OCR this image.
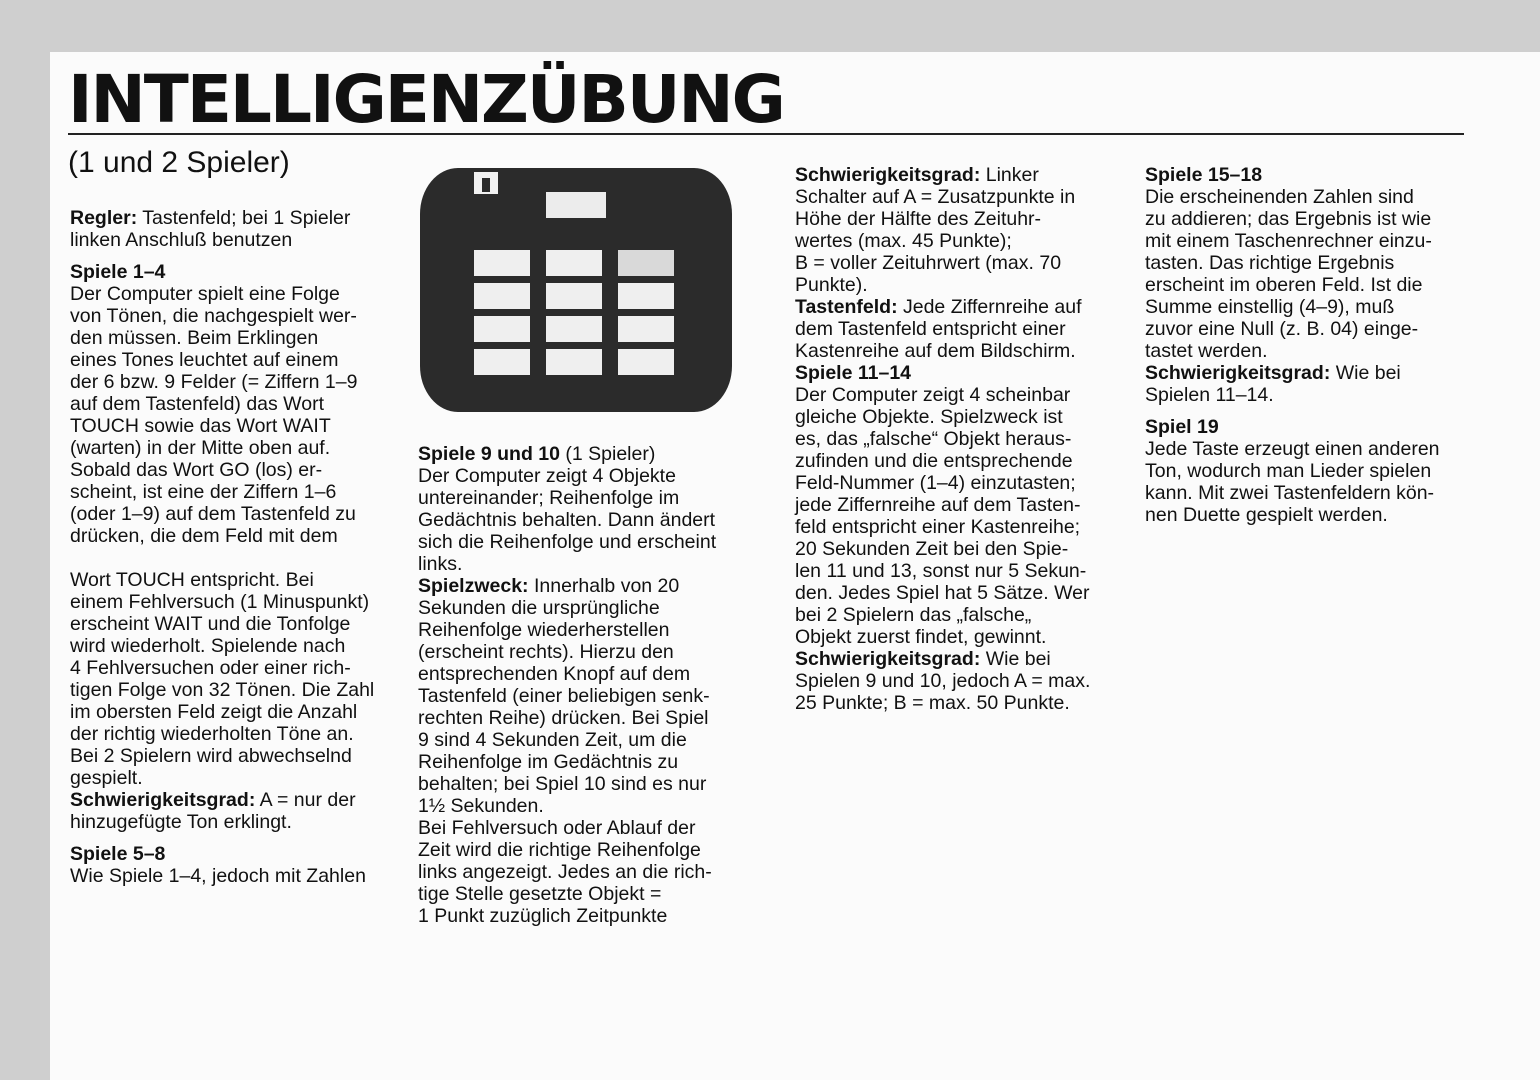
INTELLIGENZÜBUNG
(1 und 2 Spieler)

Regler: Tastenfeld; bei 1 Spieler

linken Anschluß benutzen

Spiele 1–4

Der Computer spielt eine Folge

von Tönen, die nachgespielt wer-

den müssen. Beim Erklingen

eines Tones leuchtet auf einem

der 6 bzw. 9 Felder (= Ziffern 1–9

auf dem Tastenfeld) das Wort

TOUCH sowie das Wort WAIT

(warten) in der Mitte oben auf.

Sobald das Wort GO (los) er-

scheint, ist eine der Ziffern 1–6

(oder 1–9) auf dem Tastenfeld zu

drücken, die dem Feld mit dem

Wort TOUCH entspricht. Bei

einem Fehlversuch (1 Minuspunkt)

erscheint WAIT und die Tonfolge

wird wiederholt. Spielende nach

4 Fehlversuchen oder einer rich-

tigen Folge von 32 Tönen. Die Zahl

im obersten Feld zeigt die Anzahl

der richtig wiederholten Töne an.

Bei 2 Spielern wird abwechselnd

gespielt.

Schwierigkeitsgrad: A = nur der

hinzugefügte Ton erklingt.

Spiele 5–8

Wie Spiele 1–4, jedoch mit Zahlen

Spiele 9 und 10 (1 Spieler)

Der Computer zeigt 4 Objekte

untereinander; Reihenfolge im

Gedächtnis behalten. Dann ändert

sich die Reihenfolge und erscheint

links.

Spielzweck: Innerhalb von 20

Sekunden die ursprüngliche

Reihenfolge wiederherstellen

(erscheint rechts). Hierzu den

entsprechenden Knopf auf dem

Tastenfeld (einer beliebigen senk-

rechten Reihe) drücken. Bei Spiel

9 sind 4 Sekunden Zeit, um die

Reihenfolge im Gedächtnis zu

behalten; bei Spiel 10 sind es nur

1½ Sekunden.

Bei Fehlversuch oder Ablauf der

Zeit wird die richtige Reihenfolge

links angezeigt. Jedes an die rich-

tige Stelle gesetzte Objekt =

1 Punkt zuzüglich Zeitpunkte

Schwierigkeitsgrad: Linker

Schalter auf A = Zusatzpunkte in

Höhe der Hälfte des Zeituhr-

wertes (max. 45 Punkte);

B = voller Zeituhrwert (max. 70

Punkte).

Tastenfeld: Jede Ziffernreihe auf

dem Tastenfeld entspricht einer

Kastenreihe auf dem Bildschirm.

Spiele 11–14

Der Computer zeigt 4 scheinbar

gleiche Objekte. Spielzweck ist

es, das „falsche“ Objekt heraus-

zufinden und die entsprechende

Feld-Nummer (1–4) einzutasten;

jede Ziffernreihe auf dem Tasten-

feld entspricht einer Kastenreihe;

20 Sekunden Zeit bei den Spie-

len 11 und 13, sonst nur 5 Sekun-

den. Jedes Spiel hat 5 Sätze. Wer

bei 2 Spielern das „falsche„

Objekt zuerst findet, gewinnt.

Schwierigkeitsgrad: Wie bei

Spielen 9 und 10, jedoch A = max.

25 Punkte; B = max. 50 Punkte.

Spiele 15–18

Die erscheinenden Zahlen sind

zu addieren; das Ergebnis ist wie

mit einem Taschenrechner einzu-

tasten. Das richtige Ergebnis

erscheint im oberen Feld. Ist die

Summe einstellig (4–9), muß

zuvor eine Null (z. B. 04) einge-

tastet werden.

Schwierigkeitsgrad: Wie bei

Spielen 11–14.

Spiel 19

Jede Taste erzeugt einen anderen

Ton, wodurch man Lieder spielen

kann. Mit zwei Tastenfeldern kön-

nen Duette gespielt werden.
